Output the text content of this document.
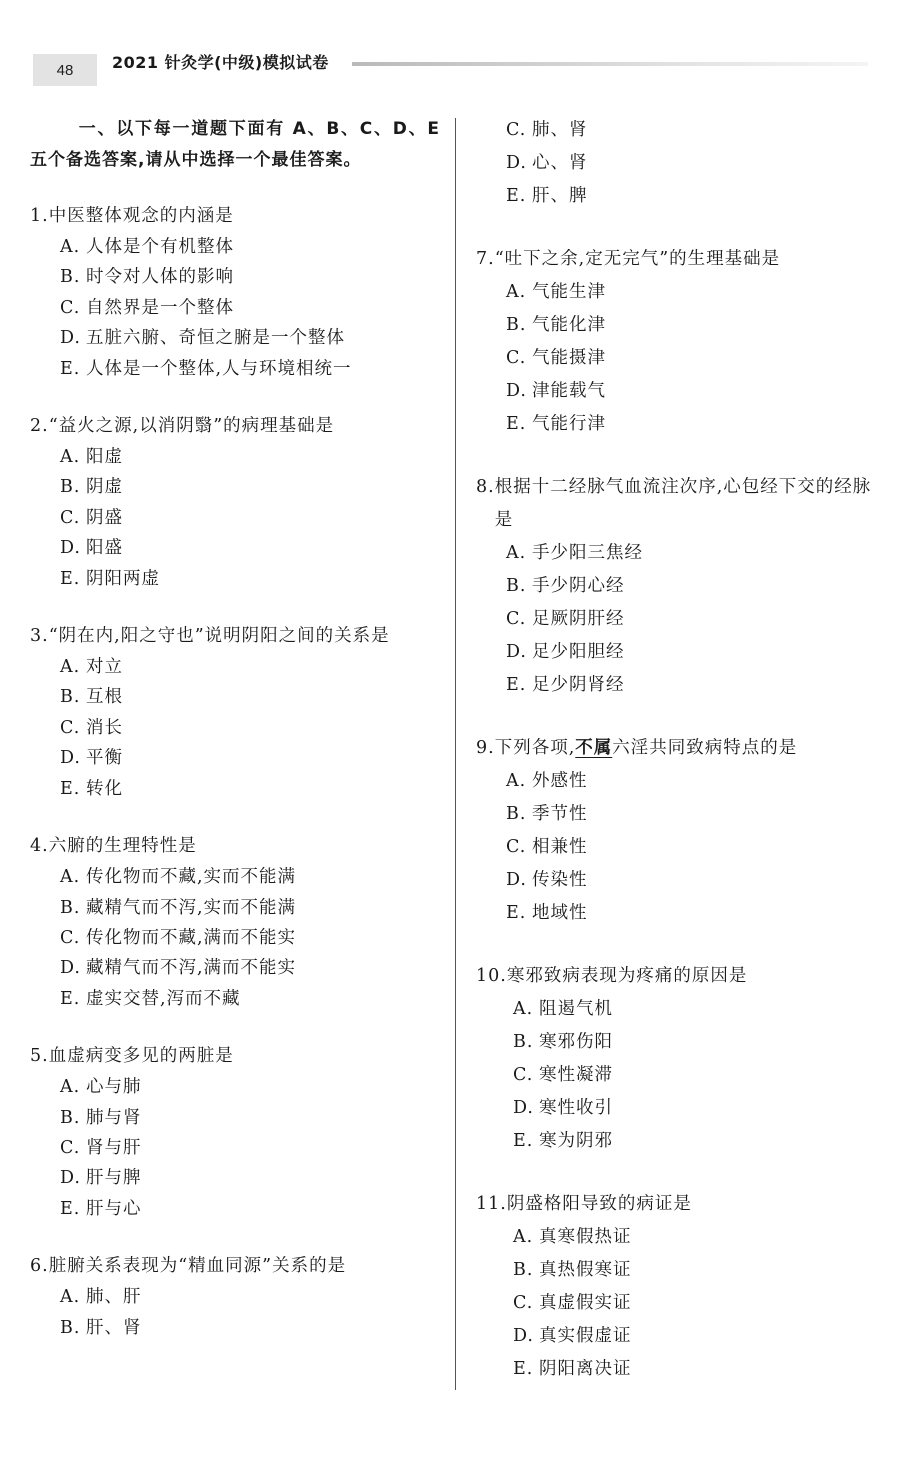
48 2021 针灸学(中级)模拟试卷
一、以下每一道题下面有 A、B、C、D、E 五个备选答案,请从中选择一个最佳答案。
1. 中医整体观念的内涵是
A. 人体是个有机整体
B. 时令对人体的影响
C. 自然界是一个整体
D. 五脏六腑、奇恒之腑是一个整体
E. 人体是一个整体,人与环境相统一
2. “益火之源,以消阴翳”的病理基础是
A. 阳虚
B. 阴虚
C. 阴盛
D. 阳盛
E. 阴阳两虚
3. “阴在内,阳之守也”说明阴阳之间的关系是
A. 对立
B. 互根
C. 消长
D. 平衡
E. 转化
4. 六腑的生理特性是
A. 传化物而不藏,实而不能满
B. 藏精气而不泻,实而不能满
C. 传化物而不藏,满而不能实
D. 藏精气而不泻,满而不能实
E. 虚实交替,泻而不藏
5. 血虚病变多见的两脏是
A. 心与肺
B. 肺与肾
C. 肾与肝
D. 肝与脾
E. 肝与心
6. 脏腑关系表现为“精血同源”关系的是
A. 肺、肝
B. 肝、肾
C. 肺、肾
D. 心、肾
E. 肝、脾
7. “吐下之余,定无完气”的生理基础是
A. 气能生津
B. 气能化津
C. 气能摄津
D. 津能载气
E. 气能行津
8. 根据十二经脉气血流注次序,心包经下交的经脉是
A. 手少阳三焦经
B. 手少阴心经
C. 足厥阴肝经
D. 足少阳胆经
E. 足少阴肾经
9. 下列各项,不属六淫共同致病特点的是
A. 外感性
B. 季节性
C. 相兼性
D. 传染性
E. 地域性
10. 寒邪致病表现为疼痛的原因是
A. 阻遏气机
B. 寒邪伤阳
C. 寒性凝滞
D. 寒性收引
E. 寒为阴邪
11. 阴盛格阳导致的病证是
A. 真寒假热证
B. 真热假寒证
C. 真虚假实证
D. 真实假虚证
E. 阴阳离决证
